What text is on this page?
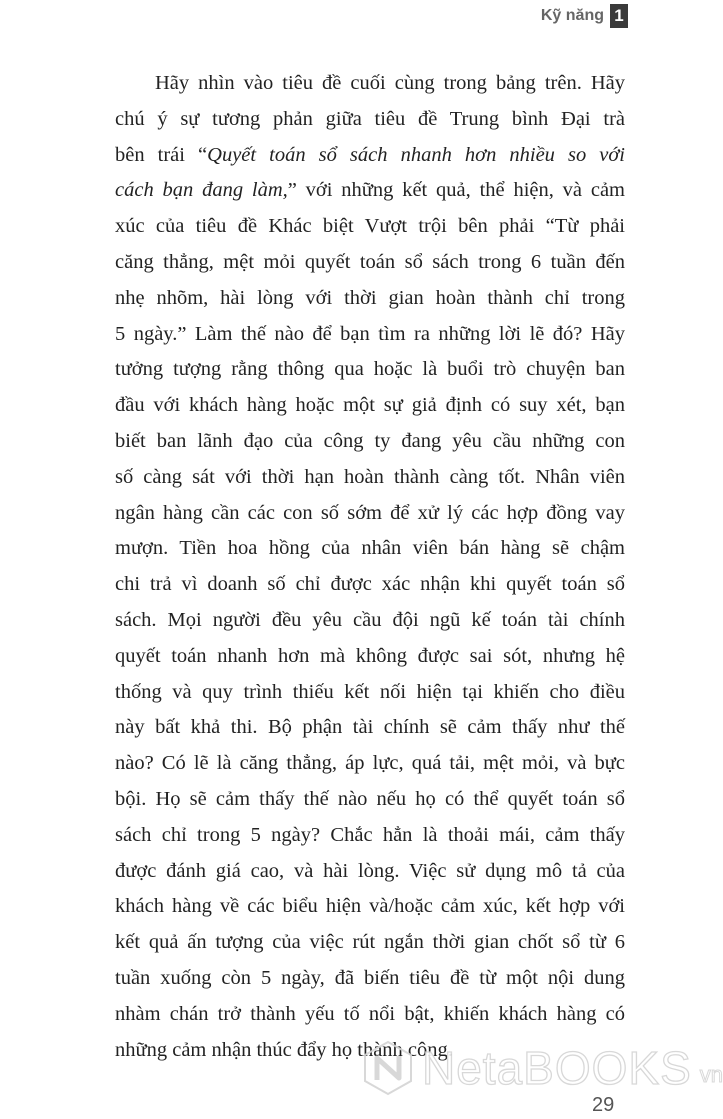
Kỹ năng 1
Hãy nhìn vào tiêu đề cuối cùng trong bảng trên. Hãy
chú ý sự tương phản giữa tiêu đề Trung bình Đại trà
bên trái “Quyết toán sổ sách nhanh hơn nhiều so với
cách bạn đang làm,” với những kết quả, thể hiện, và cảm
xúc của tiêu đề Khác biệt Vượt trội bên phải “Từ phải
căng thẳng, mệt mỏi quyết toán sổ sách trong 6 tuần đến
nhẹ nhõm, hài lòng với thời gian hoàn thành chỉ trong
5 ngày.” Làm thế nào để bạn tìm ra những lời lẽ đó? Hãy
tưởng tượng rằng thông qua hoặc là buổi trò chuyện ban
đầu với khách hàng hoặc một sự giả định có suy xét, bạn
biết ban lãnh đạo của công ty đang yêu cầu những con
số càng sát với thời hạn hoàn thành càng tốt. Nhân viên
ngân hàng cần các con số sớm để xử lý các hợp đồng vay
mượn. Tiền hoa hồng của nhân viên bán hàng sẽ chậm
chi trả vì doanh số chỉ được xác nhận khi quyết toán sổ
sách. Mọi người đều yêu cầu đội ngũ kế toán tài chính
quyết toán nhanh hơn mà không được sai sót, nhưng hệ
thống và quy trình thiếu kết nối hiện tại khiến cho điều
này bất khả thi. Bộ phận tài chính sẽ cảm thấy như thế
nào? Có lẽ là căng thẳng, áp lực, quá tải, mệt mỏi, và bực
bội. Họ sẽ cảm thấy thế nào nếu họ có thể quyết toán sổ
sách chỉ trong 5 ngày? Chắc hẳn là thoải mái, cảm thấy
được đánh giá cao, và hài lòng. Việc sử dụng mô tả của
khách hàng về các biểu hiện và/hoặc cảm xúc, kết hợp với
kết quả ấn tượng của việc rút ngắn thời gian chốt sổ từ 6
tuần xuống còn 5 ngày, đã biến tiêu đề từ một nội dung
nhàm chán trở thành yếu tố nổi bật, khiến khách hàng có
những cảm nhận thúc đẩy họ thành công.
NetaBOOKS vn
29
